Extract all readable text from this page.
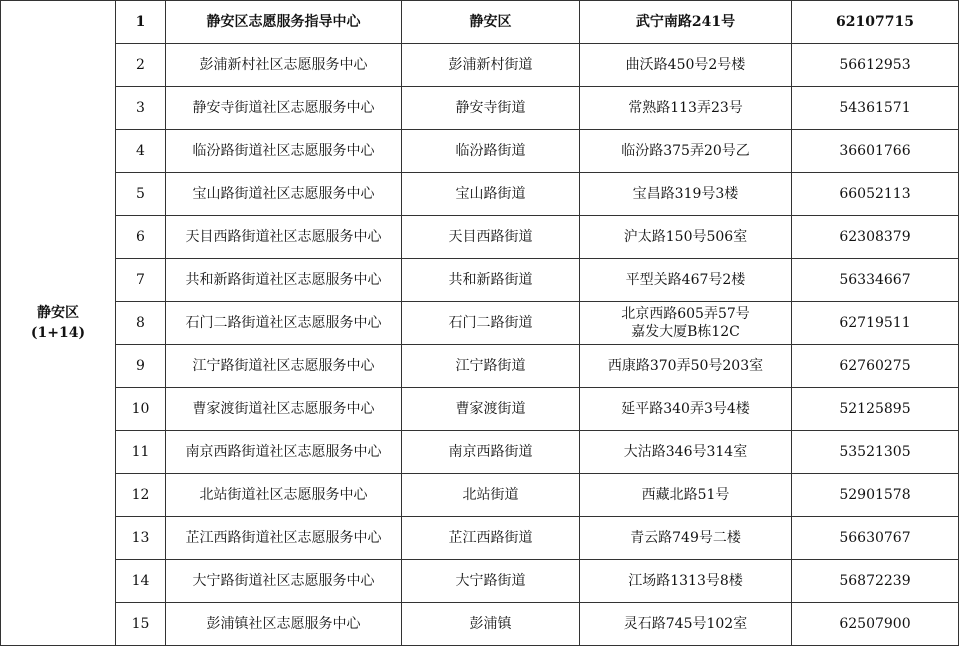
静安区
(1+14)	1	静安区志愿服务指导中心	静安区	武宁南路241号	62107715
	2	彭浦新村社区志愿服务中心	彭浦新村街道	曲沃路450号2号楼	56612953
	3	静安寺街道社区志愿服务中心	静安寺街道	常熟路113弄23号	54361571
	4	临汾路街道社区志愿服务中心	临汾路街道	临汾路375弄20号乙	36601766
	5	宝山路街道社区志愿服务中心	宝山路街道	宝昌路319号3楼	66052113
	6	天目西路街道社区志愿服务中心	天目西路街道	沪太路150号506室	62308379
	7	共和新路街道社区志愿服务中心	共和新路街道	平型关路467号2楼	56334667
	8	石门二路街道社区志愿服务中心	石门二路街道	北京西路605弄57号
嘉发大厦B栋12C	62719511
	9	江宁路街道社区志愿服务中心	江宁路街道	西康路370弄50号203室	62760275
	10	曹家渡街道社区志愿服务中心	曹家渡街道	延平路340弄3号4楼	52125895
	11	南京西路街道社区志愿服务中心	南京西路街道	大沽路346号314室	53521305
	12	北站街道社区志愿服务中心	北站街道	西藏北路51号	52901578
	13	芷江西路街道社区志愿服务中心	芷江西路街道	青云路749号二楼	56630767
	14	大宁路街道社区志愿服务中心	大宁路街道	江场路1313号8楼	56872239
	15	彭浦镇社区志愿服务中心	彭浦镇	灵石路745号102室	62507900
